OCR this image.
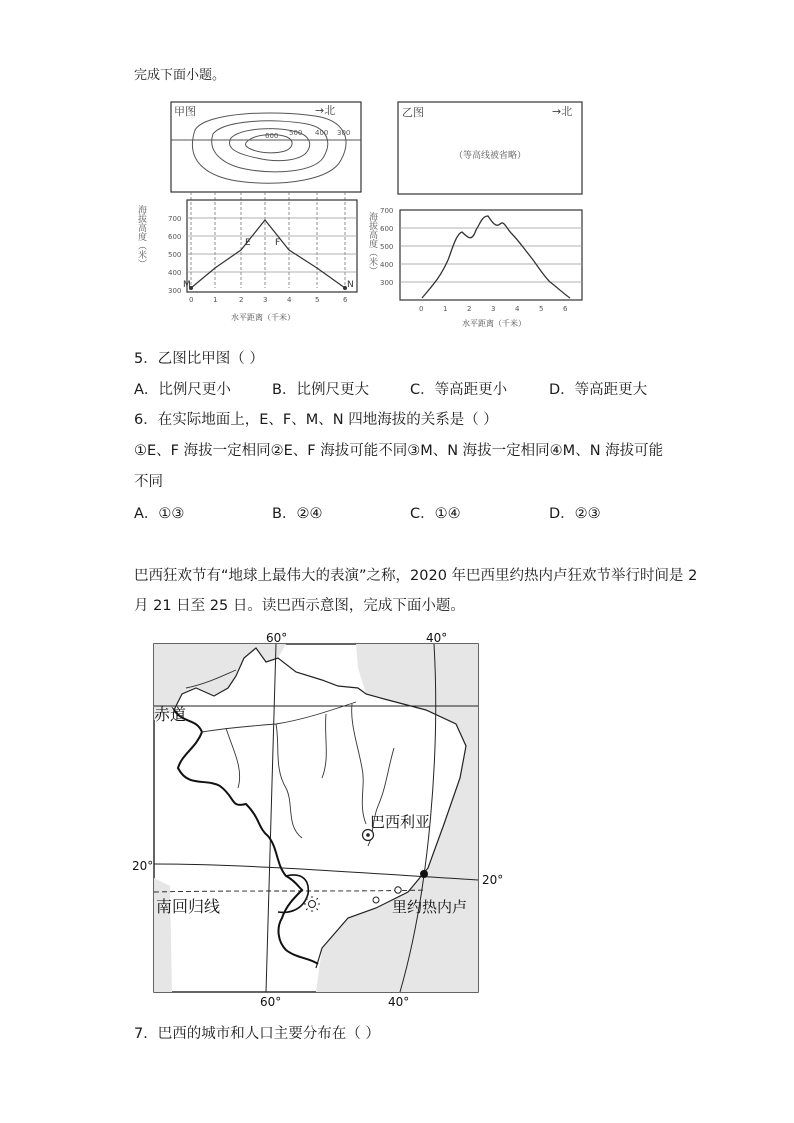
完成下面小题。
甲图	→北
600 500 400 300
M
E	F
N
700
600
500
400
300
0	1	2	3	4	5	6
水平距离（千米）
乙图	→北
（等高线被省略）
700
600
500
400
300
0	1	2	3	4	5	6
水平距离（千米）
海拔高度（米）	海拔高度（米）
5．乙图比甲图（ ）
A．比例尺更小	B．比例尺更大	C．等高距更小	D．等高距更大
6．在实际地面上，E、F、M、N 四地海拔的关系是（ ）
①E、F 海拔一定相同②E、F 海拔可能不同③M、N 海拔一定相同④M、N 海拔可能
不同
A．①③	B．②④	C．①④	D．②③
巴西狂欢节有“地球上最伟大的表演”之称，2020 年巴西里约热内卢狂欢节举行时间是 2
月 21 日至 25 日。读巴西示意图，完成下面小题。
巴西利亚
里约热内卢
赤道
南回归线
60°	40°
60°	40°
20°
20°
7．巴西的城市和人口主要分布在（ ）
